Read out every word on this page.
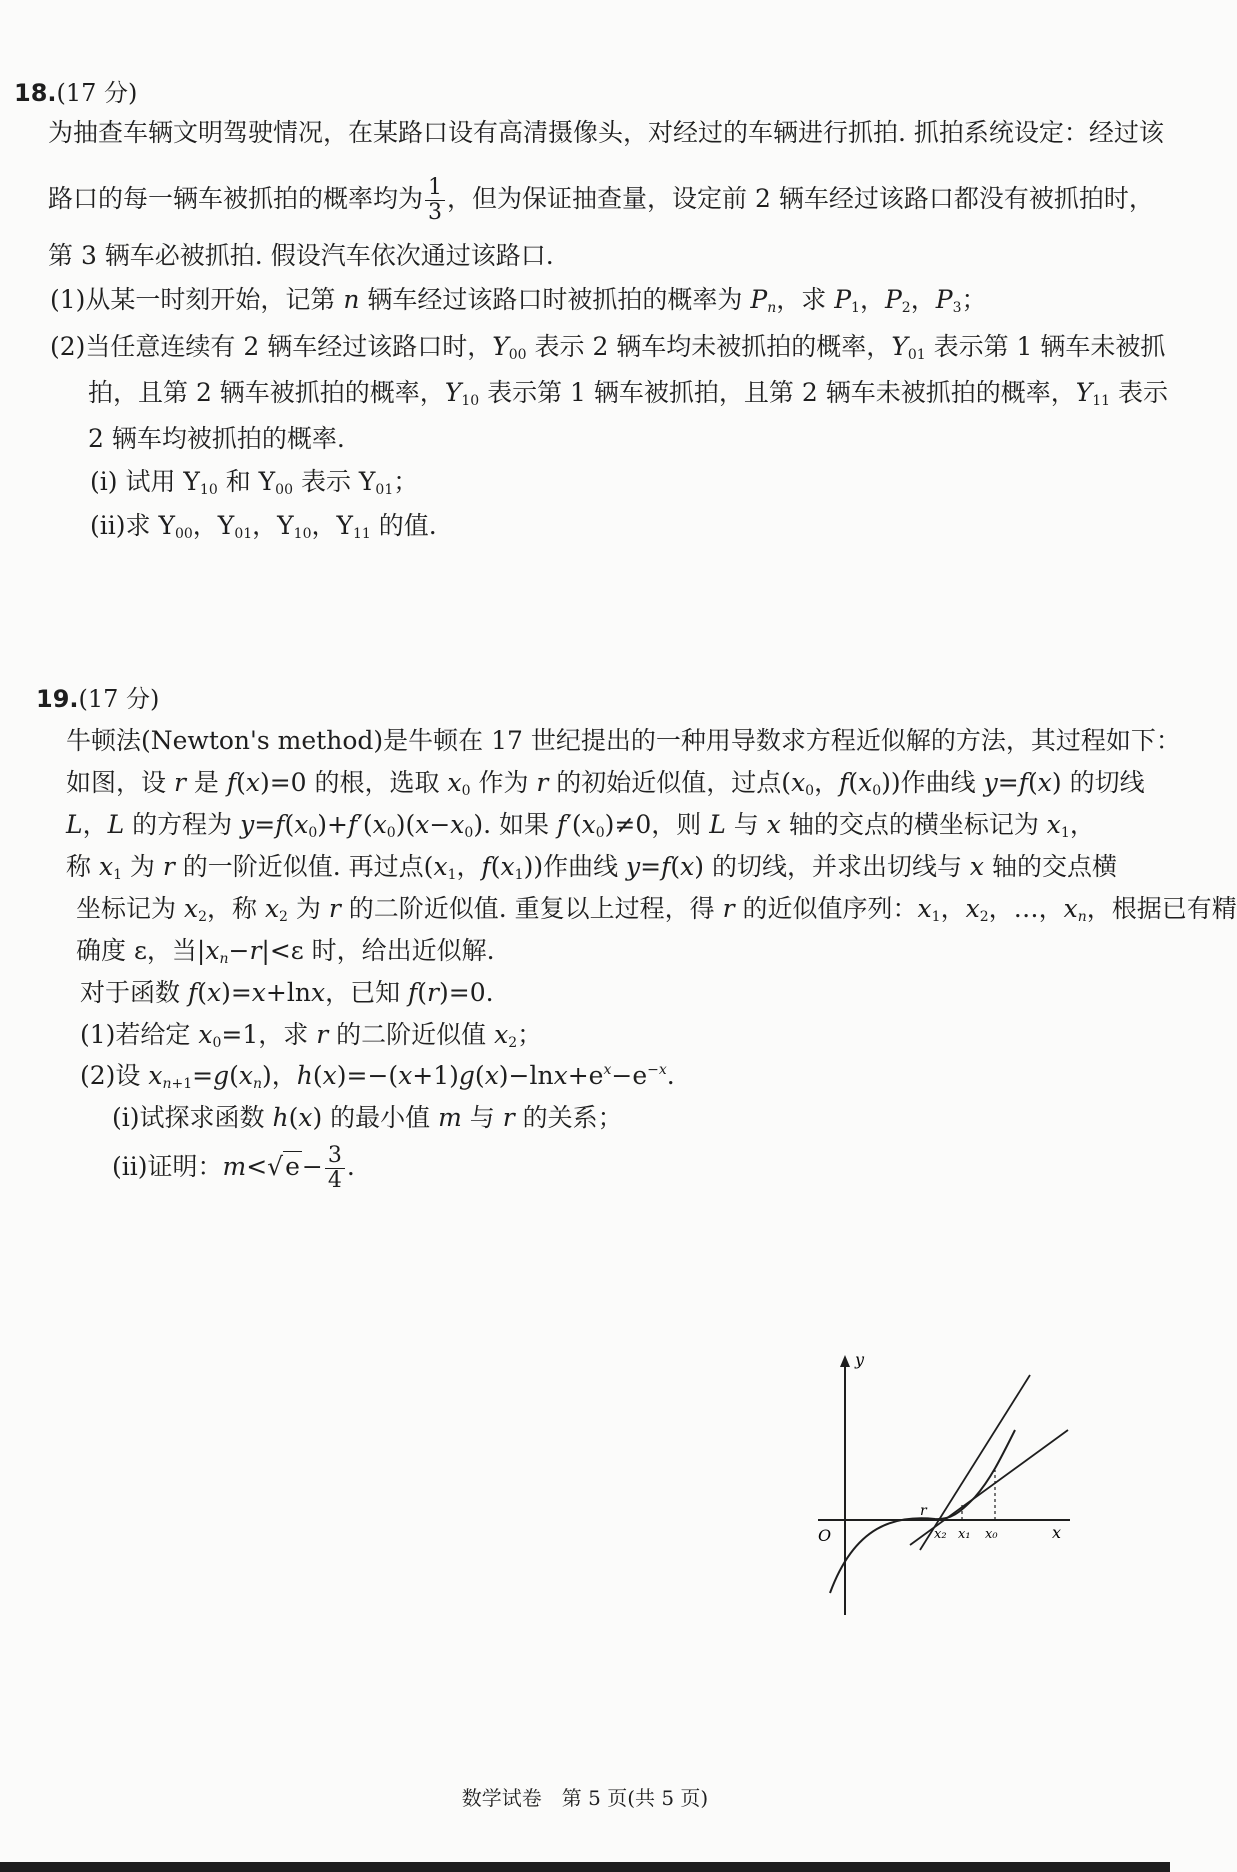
18.(17 分)
为抽查车辆文明驾驶情况，在某路口设有高清摄像头，对经过的车辆进行抓拍. 抓拍系统设定：经过该
路口的每一辆车被抓拍的概率均为 $\frac{1}{3}$ ，但为保证抽查量，设定前 2 辆车经过该路口都没有被抓拍时，
第 3 辆车必被抓拍. 假设汽车依次通过该路口.
(1)从某一时刻开始，记第 n 辆车经过该路口时被抓拍的概率为 $P_n$，求 $P_1$，$P_2$，$P_3$；
(2)当任意连续有 2 辆车经过该路口时，$Y_{00}$ 表示 2 辆车均未被抓拍的概率，$Y_{01}$ 表示第 1 辆车未被抓
拍，且第 2 辆车被抓拍的概率，$Y_{10}$ 表示第 1 辆车被抓拍，且第 2 辆车未被抓拍的概率，$Y_{11}$ 表示
2 辆车均被抓拍的概率.
(i) 试用 $Y_{10}$ 和 $Y_{00}$ 表示 $Y_{01}$；
(ii)求 $Y_{00}$，$Y_{01}$，$Y_{10}$，$Y_{11}$ 的值.
19.(17 分)
牛顿法(Newton's method)是牛顿在 17 世纪提出的一种用导数求方程近似解的方法，其过程如下：
如图，设 r 是 f(x)=0 的根，选取 $x_0$ 作为 r 的初始近似值，过点($x_0$，$f(x_0)$)作曲线 y=f(x) 的切线
L，L 的方程为 $y=f(x_0)+f'(x_0)(x-x_0)$. 如果 $f'(x_0)\ne 0$，则 L 与 x 轴的交点的横坐标记为 $x_1$，
称 $x_1$ 为 r 的一阶近似值. 再过点($x_1$，$f(x_1)$)作曲线 y=f(x) 的切线，并求出切线与 x 轴的交点横
坐标记为 $x_2$，称 $x_2$ 为 r 的二阶近似值. 重复以上过程，得 r 的近似值序列：$x_1$，$x_2$，…，$x_n$，根据已有精
确度 ε，当$|x_n-r|<\varepsilon$ 时，给出近似解.
对于函数 f(x)=x+lnx，已知 f(r)=0.
(1)若给定 $x_0=1$，求 r 的二阶近似值 $x_2$；
(2)设 $x_{n+1}=g(x_n)$，$h(x)=-(x+1)g(x)-\ln x+e^x-e^{-x}$.
(i)试探求函数 h(x) 的最小值 m 与 r 的关系；
(ii)证明：$m<√e- \frac{3}{4}$ .
y
x
O
r
x₂ x₁ x₀
数学试卷　第 5 页(共 5 页)
